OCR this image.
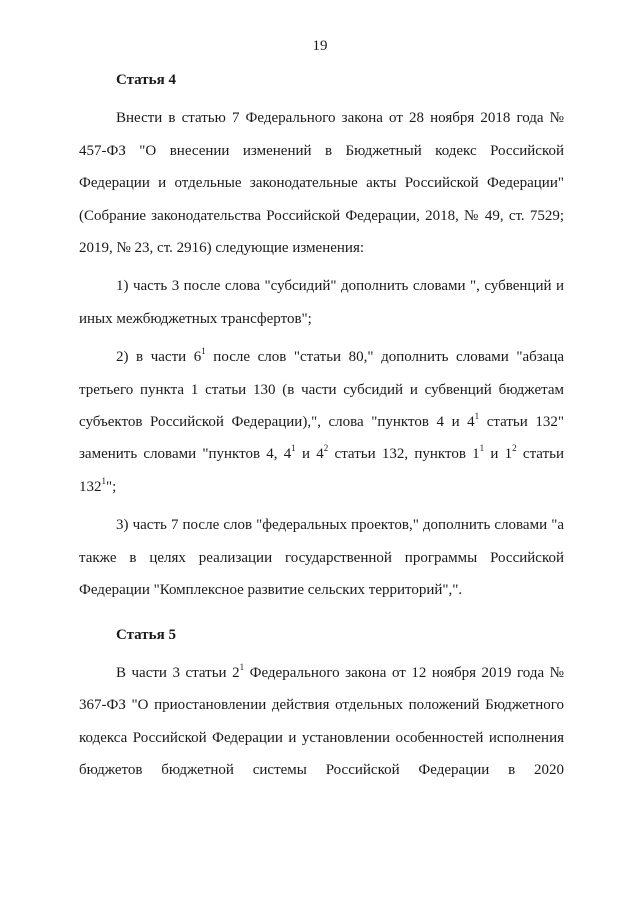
19

Статья 4

Внести в статью 7 Федерального закона от 28 ноября 2018 года № 457-ФЗ "О внесении изменений в Бюджетный кодекс Российской Федерации и отдельные законодательные акты Российской Федерации" (Собрание законодательства Российской Федерации, 2018, № 49, ст. 7529; 2019, № 23, ст. 2916) следующие изменения:

1) часть 3 после слова "субсидий" дополнить словами ", субвенций и иных межбюджетных трансфертов";

2) в части $6^1$ после слов "статьи 80," дополнить словами "абзаца третьего пункта 1 статьи 130 (в части субсидий и субвенций бюджетам субъектов Российской Федерации),", слова "пунктов 4 и $4^1$ статьи 132" заменить словами "пунктов 4, $4^1$ и $4^2$ статьи 132, пунктов $1^1$ и $1^2$ статьи $132^1$";

3) часть 7 после слов "федеральных проектов," дополнить словами "а также в целях реализации государственной программы Российской Федерации "Комплексное развитие сельских территорий",".

Статья 5

В части 3 статьи $2^1$ Федерального закона от 12 ноября 2019 года № 367-ФЗ "О приостановлении действия отдельных положений Бюджетного кодекса Российской Федерации и установлении особенностей исполнения бюджетов бюджетной системы Российской Федерации в 2020
